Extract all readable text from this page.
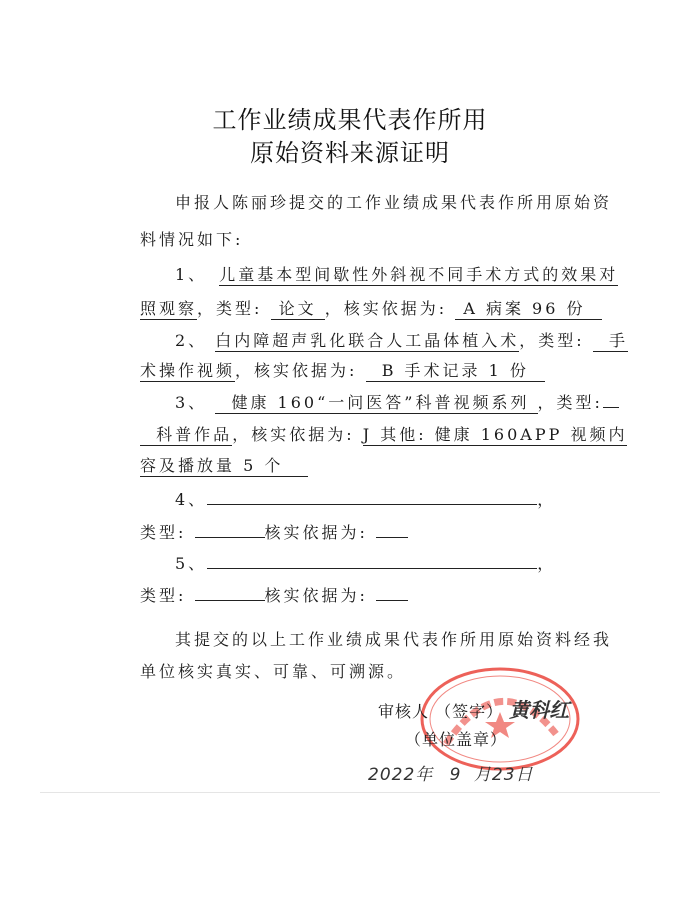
工作业绩成果代表作所用
原始资料来源证明
申报人陈丽珍提交的工作业绩成果代表作所用原始资
料情况如下:
1、 儿童基本型间歇性外斜视不同手术方式的效果对
照观察，类型: 论文 ，核实依据为: A 病案 96 份
2、 白内障超声乳化联合人工晶体植入术，类型: 手
术操作视频，核实依据为: B 手术记录 1 份
3、 健康 160“一问医答”科普视频系列 ，类型:
科普作品，核实依据为: J 其他: 健康 160APP 视频内
容及播放量 5 个
4、	，
类型:	核实依据为:
5、	，
类型:	核实依据为:
其提交的以上工作业绩成果代表作所用原始资料经我
单位核实真实、可靠、可溯源。
审核人 （签字） 黄科红
（单位盖章）
2022年 9 月23日
